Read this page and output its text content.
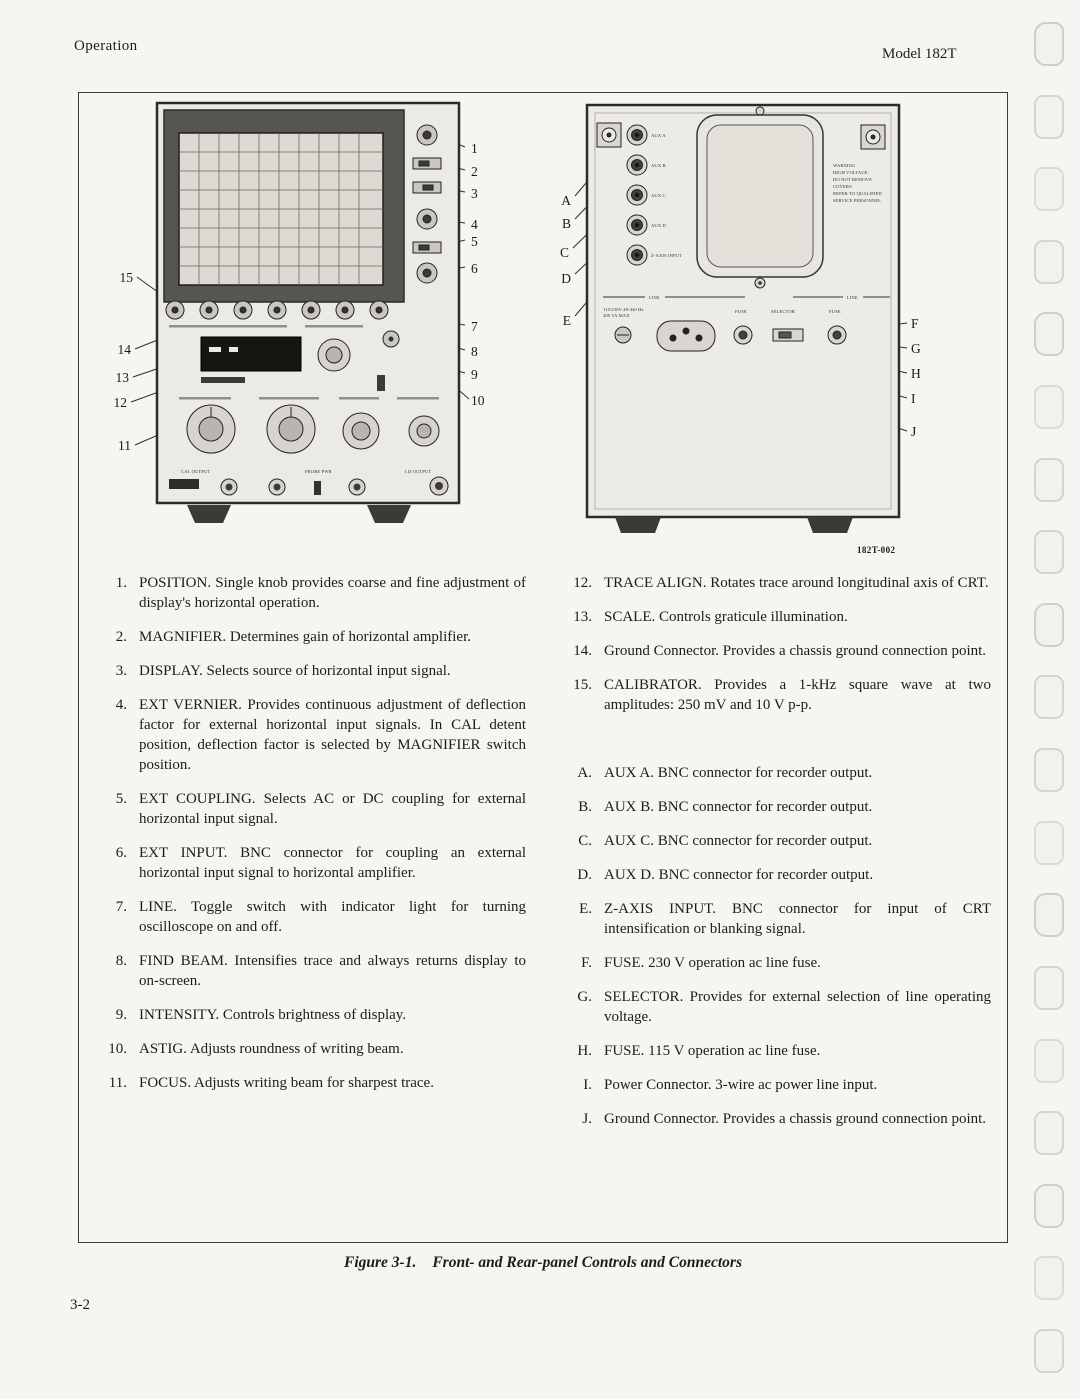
Operation	Model 182T
CAL OUTPUT	PROBE PWR	I.D OUTPUT
1
2
3
4
5
6
7
8
9
10
15
14
13
12
11
AUX A
AUX B
AUX C
AUX D
Z-AXIS INPUT
WARNING
HIGH VOLTAGE
DO NOT REMOVE
COVERS
REFER TO QUALIFIED
SERVICE PERSONNEL
LINE	LINE
115/230V 48-440 Hz
200 VA MAX
FUSE	SELECTOR	FUSE
A
B
C
D
E	F
G
H
I
J
182T-002
1. POSITION. Single knob provides coarse and fine adjustment of display's horizontal operation.
2. MAGNIFIER. Determines gain of horizontal amplifier.
3. DISPLAY. Selects source of horizontal input signal.
4. EXT VERNIER. Provides continuous adjustment of deflection factor for external horizontal input signals. In CAL detent position, deflection factor is selected by MAGNIFIER switch position.
5. EXT COUPLING. Selects AC or DC coupling for external horizontal input signal.
6. EXT INPUT. BNC connector for coupling an external horizontal input signal to horizontal amplifier.
7. LINE. Toggle switch with indicator light for turning oscilloscope on and off.
8. FIND BEAM. Intensifies trace and always returns display to on-screen.
9. INTENSITY. Controls brightness of display.
10. ASTIG. Adjusts roundness of writing beam.
11. FOCUS. Adjusts writing beam for sharpest trace.
12. TRACE ALIGN. Rotates trace around longitudinal axis of CRT.
13. SCALE. Controls graticule illumination.
14. Ground Connector. Provides a chassis ground connection point.
15. CALIBRATOR. Provides a 1-kHz square wave at two amplitudes: 250 mV and 10 V p-p.
A. AUX A. BNC connector for recorder output.
B. AUX B. BNC connector for recorder output.
C. AUX C. BNC connector for recorder output.
D. AUX D. BNC connector for recorder output.
E. Z-AXIS INPUT. BNC connector for input of CRT intensification or blanking signal.
F. FUSE. 230 V operation ac line fuse.
G. SELECTOR. Provides for external selection of line operating voltage.
H. FUSE. 115 V operation ac line fuse.
I. Power Connector. 3-wire ac power line input.
J. Ground Connector. Provides a chassis ground connection point.
Figure 3-1. Front- and Rear-panel Controls and Connectors
3-2
